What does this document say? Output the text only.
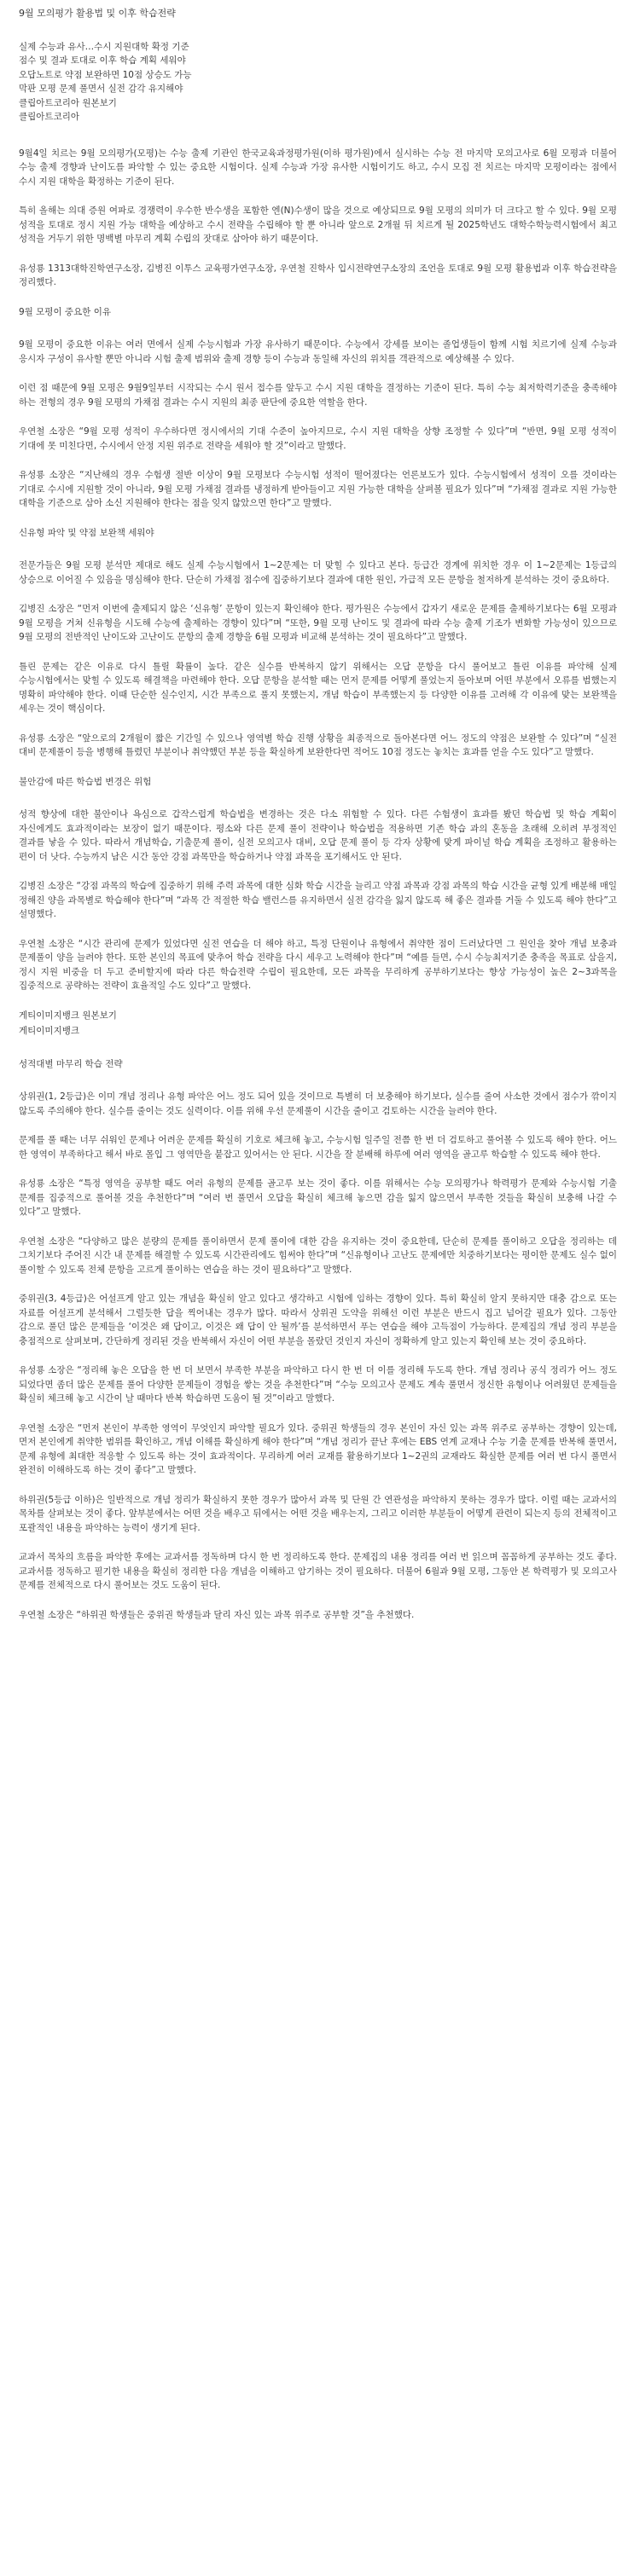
9월 모의평가 활용법 및 이후 학습전략
실제 수능과 유사…수시 지원대학 확정 기준
점수 및 결과 토대로 이후 학습 계획 세워야
오답노트로 약점 보완하면 10점 상승도 가능
막판 모평 문제 풀면서 실전 감각 유지해야
클립아트코리아 원본보기
클립아트코리아

9월4일 치르는 9월 모의평가(모평)는 수능 출제 기관인 한국교육과정평가원(이하 평가원)에서 실시하는 수능 전 마지막 모의고사로 6월 모평과 더불어 수능 출제 경향과 난이도를 파악할 수 있는 중요한 시험이다. 실제 수능과 가장 유사한 시험이기도 하고, 수시 모집 전 치르는 마지막 모평이라는 점에서 수시 지원 대학을 확정하는 기준이 된다.

특히 올해는 의대 증원 여파로 경쟁력이 우수한 반수생을 포함한 엔(N)수생이 많을 것으로 예상되므로 9월 모평의 의미가 더 크다고 할 수 있다. 9월 모평 성적을 토대로 정시 지원 가능 대학을 예상하고 수시 전략을 수립해야 할 뿐 아니라 앞으로 2개월 뒤 치르게 될 2025학년도 대학수학능력시험에서 최고 성적을 거두기 위한 명백별 마무리 계획 수립의 잣대로 삼아야 하기 때문이다.

유성룡 1313대학진학연구소장, 김병진 이투스 교육평가연구소장, 우연철 진학사 입시전략연구소장의 조언을 토대로 9월 모평 활용법과 이후 학습전략을 정리했다.

9월 모평이 중요한 이유

9월 모평이 중요한 이유는 여러 면에서 실제 수능시험과 가장 유사하기 때문이다. 수능에서 강세를 보이는 졸업생들이 함께 시험 치르기에 실제 수능과 응시자 구성이 유사할 뿐만 아니라 시험 출제 범위와 출제 경향 등이 수능과 동일해 자신의 위치를 객관적으로 예상해볼 수 있다.

이런 점 때문에 9월 모평은 9월9일부터 시작되는 수시 원서 접수를 앞두고 수시 지원 대학을 결정하는 기준이 된다. 특히 수능 최저학력기준을 충족해야 하는 전형의 경우 9월 모평의 가채점 결과는 수시 지원의 최종 판단에 중요한 역할을 한다.

우연철 소장은 “9월 모평 성적이 우수하다면 정시에서의 기대 수준이 높아지므로, 수시 지원 대학을 상향 조정할 수 있다”며 “반면, 9월 모평 성적이 기대에 못 미친다면, 수시에서 안정 지원 위주로 전략을 세워야 할 것”이라고 말했다.

유성룡 소장은 “지난해의 경우 수험생 절반 이상이 9월 모평보다 수능시험 성적이 떨어졌다는 언론보도가 있다. 수능시험에서 성적이 오를 것이라는 기대로 수시에 지원할 것이 아니라, 9월 모평 가채점 결과를 냉정하게 받아들이고 지원 가능한 대학을 살펴볼 필요가 있다”며 “가채점 결과로 지원 가능한 대학을 기준으로 삼아 소신 지원해야 한다는 점을 잊지 않았으면 한다”고 말했다.

신유형 파악 및 약점 보완책 세워야

전문가들은 9월 모평 분석만 제대로 해도 실제 수능시험에서 1~2문제는 더 맞힐 수 있다고 본다. 등급간 경계에 위치한 경우 이 1~2문제는 1등급의 상승으로 이어질 수 있음을 명심해야 한다. 단순히 가채점 점수에 집중하기보다 결과에 대한 원인, 가급적 모든 문항을 철저하게 분석하는 것이 중요하다.

김병진 소장은 “먼저 이번에 출제되지 않은 ‘신유형’ 문항이 있는지 확인해야 한다. 평가원은 수능에서 갑자기 새로운 문제를 출제하기보다는 6월 모평과 9월 모평을 거쳐 신유형을 시도해 수능에 출제하는 경향이 있다”며 “또한, 9월 모평 난이도 및 결과에 따라 수능 출제 기조가 변화할 가능성이 있으므로 9월 모평의 전반적인 난이도와 고난이도 문항의 출제 경향을 6월 모평과 비교해 분석하는 것이 필요하다”고 말했다.

틀린 문제는 같은 이유로 다시 틀릴 확률이 높다. 같은 실수를 반복하지 않기 위해서는 오답 문항을 다시 풀어보고 틀린 이유를 파악해 실제 수능시험에서는 맞힐 수 있도록 해결책을 마련해야 한다. 오답 문항을 분석할 때는 먼저 문제를 어떻게 풀었는지 돌아보며 어떤 부분에서 오류를 범했는지 명확히 파악해야 한다. 이때 단순한 실수인지, 시간 부족으로 풀지 못했는지, 개념 학습이 부족했는지 등 다양한 이유를 고려해 각 이유에 맞는 보완책을 세우는 것이 핵심이다.

유성룡 소장은 “앞으로의 2개월이 짧은 기간일 수 있으나 영역별 학습 진행 상황을 최종적으로 돌아본다면 어느 정도의 약점은 보완할 수 있다”며 “실전 대비 문제풀이 등을 병행해 틀렸던 부분이나 취약했던 부분 등을 확실하게 보완한다면 적어도 10점 정도는 놓치는 효과를 얻을 수도 있다”고 말했다.

불안감에 따른 학습법 변경은 위험

성적 향상에 대한 불안이나 욕심으로 갑작스럽게 학습법을 변경하는 것은 다소 위험할 수 있다. 다른 수험생이 효과를 봤던 학습법 및 학습 계획이 자신에게도 효과적이라는 보장이 없기 때문이다. 평소와 다른 문제 풀이 전략이나 학습법을 적용하면 기존 학습 과의 혼동을 초래해 오히려 부정적인 결과를 낳을 수 있다. 따라서 개념학습, 기출문제 풀이, 실전 모의고사 대비, 오답 문제 풀이 등 각자 상황에 맞게 파이널 학습 계획을 조정하고 활용하는 편이 더 낫다. 수능까지 남은 시간 동안 강점 과목만을 학습하거나 약점 과목을 포기해서도 안 된다.

김병진 소장은 “강점 과목의 학습에 집중하기 위해 주력 과목에 대한 심화 학습 시간을 늘리고 약점 과목과 강점 과목의 학습 시간을 균형 있게 배분해 매일 정해진 양을 과목별로 학습해야 한다”며 “과목 간 적절한 학습 밸런스를 유지하면서 실전 감각을 잃지 않도록 해 좋은 결과를 거둘 수 있도록 해야 한다”고 설명했다.

우연철 소장은 “시간 관리에 문제가 있었다면 실전 연습을 더 해야 하고, 특정 단원이나 유형에서 취약한 점이 드러났다면 그 원인을 찾아 개념 보충과 문제풀이 양을 늘려야 한다. 또한 본인의 목표에 맞추어 학습 전략을 다시 세우고 노력해야 한다”며 “예를 들면, 수시 수능최저기준 충족을 목표로 삼을지, 정시 지원 비중을 더 두고 준비할지에 따라 다른 학습전략 수립이 필요한데, 모든 과목을 무리하게 공부하기보다는 향상 가능성이 높은 2~3과목을 집중적으로 공략하는 전략이 효율적일 수도 있다”고 말했다.

게티이미지뱅크 원본보기
게티이미지뱅크
성적대별 마무리 학습 전략

상위권(1, 2등급)은 이미 개념 정리나 유형 파악은 어느 정도 되어 있을 것이므로 특별히 더 보충해야 하기보다, 실수를 줄여 사소한 것에서 점수가 깎이지 않도록 주의해야 한다. 실수를 줄이는 것도 실력이다. 이를 위해 우선 문제풀이 시간을 줄이고 검토하는 시간을 늘려야 한다.

문제를 풀 때는 너무 쉬워인 문제나 어려운 문제를 확실히 기호로 체크해 놓고, 수능시험 일주일 전쯤 한 번 더 검토하고 풀어볼 수 있도록 해야 한다. 어느 한 영역이 부족하다고 해서 바로 몰입 그 영역만을 붙잡고 있어서는 안 된다. 시간을 잘 분배해 하루에 여러 영역을 골고루 학습할 수 있도록 해야 한다.

유성룡 소장은 “특정 영역을 공부할 때도 여러 유형의 문제를 골고루 보는 것이 좋다. 이를 위해서는 수능 모의평가나 학력평가 문제와 수능시험 기출 문제를 집중적으로 풀어볼 것을 추천한다”며 “여러 번 풀면서 오답을 확실히 체크해 놓으면 감을 잃지 않으면서 부족한 것들을 확실히 보충해 나갈 수 있다”고 말했다.

우연철 소장은 “다양하고 많은 분량의 문제를 풀이하면서 문제 풀이에 대한 감을 유지하는 것이 중요한데, 단순히 문제를 풀이하고 오답을 정리하는 데 그치기보다 주어진 시간 내 문제를 해결할 수 있도록 시간관리에도 힘써야 한다”며 “신유형이나 고난도 문제에만 치중하기보다는 평이한 문제도 실수 없이 풀이할 수 있도록 전체 문항을 고르게 풀이하는 연습을 하는 것이 필요하다”고 말했다.

중위권(3, 4등급)은 어설프게 알고 있는 개념을 확실히 알고 있다고 생각하고 시험에 임하는 경향이 있다. 특히 확실히 알지 못하지만 대충 감으로 또는 자료를 어설프게 분석해서 그럴듯한 답을 찍어내는 경우가 많다. 따라서 상위권 도약을 위해선 이런 부분은 반드시 집고 넘어갈 필요가 있다. 그동안 감으로 풀던 많은 문제들을 ‘이것은 왜 답이고, 이것은 왜 답이 안 될까’를 분석하면서 푸는 연습을 해야 고득점이 가능하다. 문제집의 개념 정리 부분을 충점적으로 살펴보며, 간단하게 정리된 것을 반복해서 자신이 어떤 부분을 몰랐던 것인지 자신이 정확하게 알고 있는지 확인해 보는 것이 중요하다.

유성룡 소장은 “정리해 놓은 오답을 한 번 더 보면서 부족한 부분을 파악하고 다시 한 번 더 이를 정리해 두도록 한다. 개념 정리나 공식 정리가 어느 정도 되었다면 좀더 많은 문제를 풀어 다양한 문제들이 경험을 쌓는 것을 추천한다”며 “수능 모의고사 문제도 계속 풀면서 정신한 유형이나 어려웠던 문제들을 확실히 체크해 놓고 시간이 날 때마다 반복 학습하면 도움이 될 것”이라고 말했다.

우연철 소장은 “먼저 본인이 부족한 영역이 무엇인지 파악할 필요가 있다. 중위권 학생들의 경우 본인이 자신 있는 과목 위주로 공부하는 경향이 있는데,면저 본인에게 취약한 범위를 확인하고, 개념 이해를 확실하게 해야 한다”며 “개념 정리가 끝난 후에는 EBS 연계 교재나 수능 기출 문제를 반복해 풀면서, 문제 유형에 최대한 적응할 수 있도록 하는 것이 효과적이다. 무리하게 여러 교재를 활용하기보다 1~2권의 교재라도 확실한 문제를 여러 번 다시 풀면서 완전히 이해하도록 하는 것이 좋다”고 말했다.

하위권(5등급 이하)은 일반적으로 개념 정리가 확실하지 못한 경우가 많아서 과목 및 단원 간 연관성을 파악하지 못하는 경우가 많다. 이럴 때는 교과서의 목차를 살펴보는 것이 좋다. 앞부분에서는 어떤 것을 배우고 뒤에서는 어떤 것을 배우는지, 그리고 이러한 부분들이 어떻게 관련이 되는지 등의 전체적이고 포괄적인 내용을 파악하는 능력이 생기게 된다.

교과서 목차의 흐름을 파악한 후에는 교과서를 정독하며 다시 한 번 정리하도록 한다. 문제집의 내용 정리를 여러 번 읽으며 꼼꼼하게 공부하는 것도 좋다. 교과서를 정독하고 필기한 내용을 확실히 정리한 다음 개념을 이해하고 암기하는 것이 필요하다. 더불어 6월과 9월 모평, 그동안 본 학력평가 및 모의고사 문제를 전체적으로 다시 풀어보는 것도 도움이 된다.

우연철 소장은 “하위권 학생들은 중위권 학생들과 달리 자신 있는 과목 위주로 공부할 것”을 추천했다.
